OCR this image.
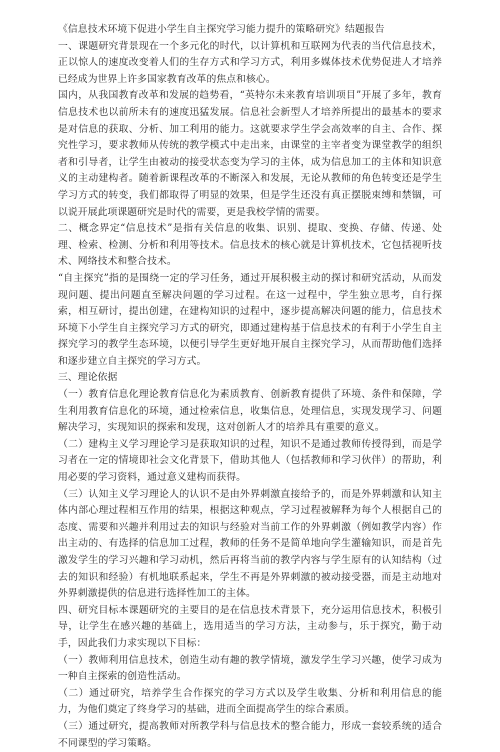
《信息技术环境下促进小学生自主探究学习能力提升的策略研究》结题报告

一、课题研究背景现在一个多元化的时代，以计算机和互联网为代表的当代信息技术，正以惊人的速度改变着人们的生存方式和学习方式，利用多媒体技术优势促进人才培养已经成为世界上许多国家教育改革的焦点和核心。

国内，从我国教育改革和发展的趋势看，“英特尔未来教育培训项目”开展了多年，教育信息技术也以前所未有的速度迅猛发展。信息社会新型人才培养所提出的最基本的要求是对信息的获取、分析、加工利用的能力。这就要求学生学会高效率的自主、合作、探究性学习，要求教师从传统的教学模式中走出来，由课堂的主宰者变为课堂教学的组织者和引导者，让学生由被动的接受状态变为学习的主体，成为信息加工的主体和知识意义的主动建构者。随着新课程改革的不断深入和发展，无论从教师的角色转变还是学生学习方式的转变，我们都取得了明显的效果，但是学生还没有真正摆脱束缚和禁锢，可以说开展此项课题研究是时代的需要，更是我校学情的需要。

二、概念界定“信息技术”是指有关信息的收集、识别、提取、变换、存储、传递、处理、检索、检测、分析和利用等技术。信息技术的核心就是计算机技术，它包括视听技术、网络技术和整合技术。

“自主探究”指的是围绕一定的学习任务，通过开展积极主动的探讨和研究活动，从而发现问题、提出问题直至解决问题的学习过程。在这一过程中，学生独立思考，自行探索，相互研讨，提出创建，在建构知识的过程中，逐步提高解决问题的能力，信息技术环境下小学生自主探究学习方式的研究，即通过建构基于信息技术的有利于小学生自主探究学习的教学生态环境，以便引导学生更好地开展自主探究学习，从而帮助他们选择和逐步建立自主探究的学习方式。

三、理论依据

（一）教育信息化理论教育信息化为素质教育、创新教育提供了环境、条件和保障，学生利用教育信息化的环境，通过检索信息，收集信息，处理信息，实现发现学习、问题解决学习，实现知识的探索和发现，这对创新人才的培养具有重要的意义。

（二）建构主义学习理论学习是获取知识的过程，知识不是通过教师传授得到，而是学习者在一定的情境即社会文化背景下，借助其他人（包括教师和学习伙伴）的帮助，利用必要的学习资料，通过意义建构而获得。

（三）认知主义学习理论人的认识不是由外界刺激直接给予的，而是外界刺激和认知主体内部心理过程相互作用的结果，根据这种观点，学习过程被解释为每个人根据自己的态度、需要和兴趣并利用过去的知识与经验对当前工作的外界刺激（例如教学内容）作出主动的、有选择的信息加工过程，教师的任务不是简单地向学生灌输知识，而是首先激发学生的学习兴趣和学习动机，然后再将当前的教学内容与学生原有的认知结构（过去的知识和经验）有机地联系起来，学生不再是外界刺激的被动接受器，而是主动地对外界刺激提供的信息进行选择性加工的主体。

四、研究目标本课题研究的主要目的是在信息技术背景下，充分运用信息技术，积极引导，让学生在感兴趣的基础上，选用适当的学习方法，主动参与，乐于探究，勤于动手，因此我们力求实现以下目标：

（一）教师利用信息技术，创造生动有趣的教学情境，激发学生学习兴趣，使学习成为一种自主探索的创造性活动。

（二）通过研究，培养学生合作探究的学习方式以及学生收集、分析和利用信息的能力，为他们奠定了终身学习的基础，进而全面提高学生的综合素质。

（三）通过研究，提高教师对所教学科与信息技术的整合能力，形成一套较系统的适合不同课型的学习策略。
